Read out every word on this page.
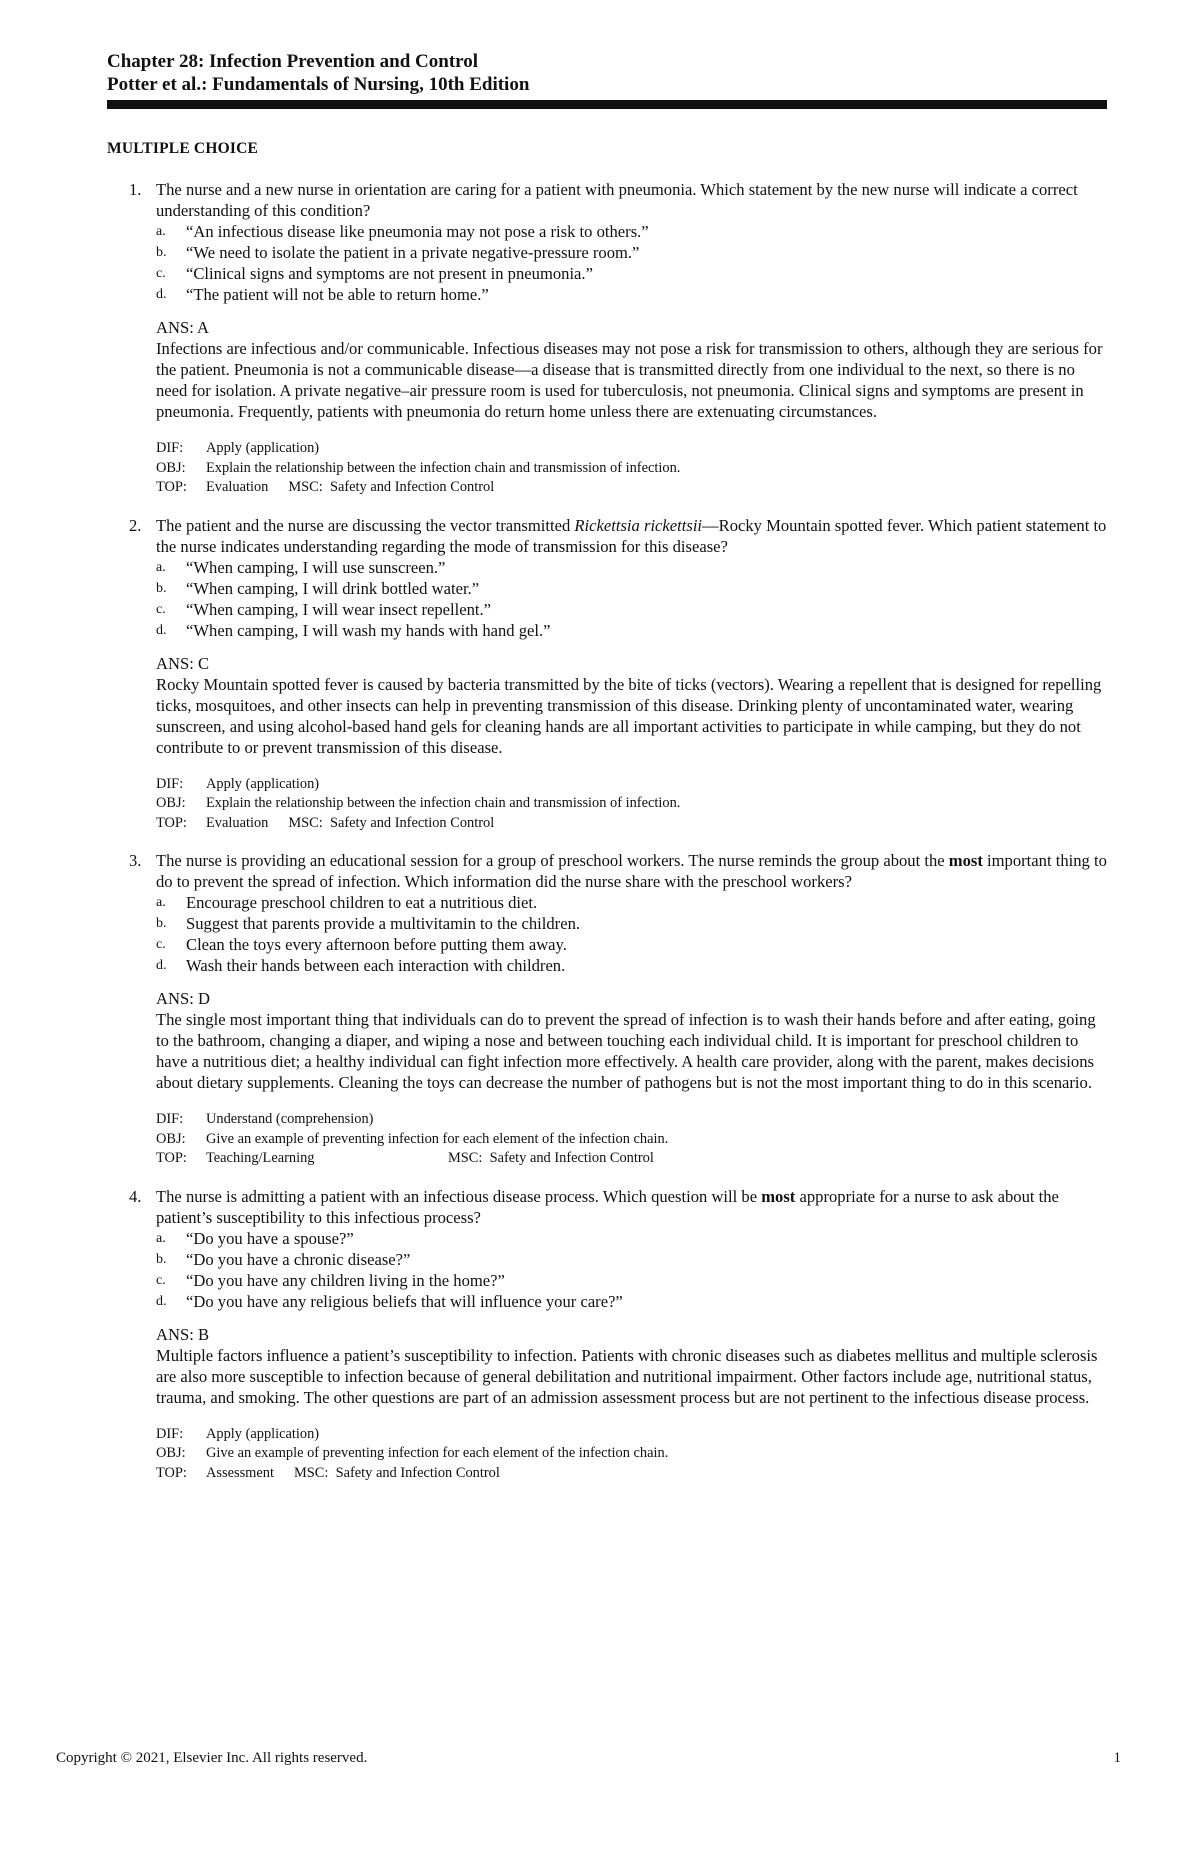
Chapter 28: Infection Prevention and Control
Potter et al.: Fundamentals of Nursing, 10th Edition
MULTIPLE CHOICE
1. The nurse and a new nurse in orientation are caring for a patient with pneumonia. Which statement by the new nurse will indicate a correct understanding of this condition?

a. “An infectious disease like pneumonia may not pose a risk to others.”
b. “We need to isolate the patient in a private negative-pressure room.”
c. “Clinical signs and symptoms are not present in pneumonia.”
d. “The patient will not be able to return home.”
ANS: A

Infections are infectious and/or communicable. Infectious diseases may not pose a risk for transmission to others, although they are serious for the patient. Pneumonia is not a communicable disease—a disease that is transmitted directly from one individual to the next, so there is no need for isolation. A private negative–air pressure room is used for tuberculosis, not pneumonia. Clinical signs and symptoms are present in pneumonia. Frequently, patients with pneumonia do return home unless there are extenuating circumstances.

DIF: Apply (application)
OBJ: Explain the relationship between the infection chain and transmission of infection.
TOP: Evaluation MSC: Safety and Infection Control
2. The patient and the nurse are discussing the vector transmitted Rickettsia rickettsii—Rocky Mountain spotted fever. Which patient statement to the nurse indicates understanding regarding the mode of transmission for this disease?

a. “When camping, I will use sunscreen.”
b. “When camping, I will drink bottled water.”
c. “When camping, I will wear insect repellent.”
d. “When camping, I will wash my hands with hand gel.”
ANS: C

Rocky Mountain spotted fever is caused by bacteria transmitted by the bite of ticks (vectors). Wearing a repellent that is designed for repelling ticks, mosquitoes, and other insects can help in preventing transmission of this disease. Drinking plenty of uncontaminated water, wearing sunscreen, and using alcohol-based hand gels for cleaning hands are all important activities to participate in while camping, but they do not contribute to or prevent transmission of this disease.

DIF: Apply (application)
OBJ: Explain the relationship between the infection chain and transmission of infection.
TOP: Evaluation MSC: Safety and Infection Control
3. The nurse is providing an educational session for a group of preschool workers. The nurse reminds the group about the most important thing to do to prevent the spread of infection. Which information did the nurse share with the preschool workers?

a. Encourage preschool children to eat a nutritious diet.
b. Suggest that parents provide a multivitamin to the children.
c. Clean the toys every afternoon before putting them away.
d. Wash their hands between each interaction with children.
ANS: D

The single most important thing that individuals can do to prevent the spread of infection is to wash their hands before and after eating, going to the bathroom, changing a diaper, and wiping a nose and between touching each individual child. It is important for preschool children to have a nutritious diet; a healthy individual can fight infection more effectively. A health care provider, along with the parent, makes decisions about dietary supplements. Cleaning the toys can decrease the number of pathogens but is not the most important thing to do in this scenario.

DIF: Understand (comprehension)
OBJ: Give an example of preventing infection for each element of the infection chain.
TOP: Teaching/Learning	MSC: Safety and Infection Control
4. The nurse is admitting a patient with an infectious disease process. Which question will be most appropriate for a nurse to ask about the patient’s susceptibility to this infectious process?

a. “Do you have a spouse?”
b. “Do you have a chronic disease?”
c. “Do you have any children living in the home?”
d. “Do you have any religious beliefs that will influence your care?”
ANS: B

Multiple factors influence a patient’s susceptibility to infection. Patients with chronic diseases such as diabetes mellitus and multiple sclerosis are also more susceptible to infection because of general debilitation and nutritional impairment. Other factors include age, nutritional status, trauma, and smoking. The other questions are part of an admission assessment process but are not pertinent to the infectious disease process.

DIF: Apply (application)
OBJ: Give an example of preventing infection for each element of the infection chain.
TOP: Assessment MSC: Safety and Infection Control
Copyright © 2021, Elsevier Inc. All rights reserved.	1
